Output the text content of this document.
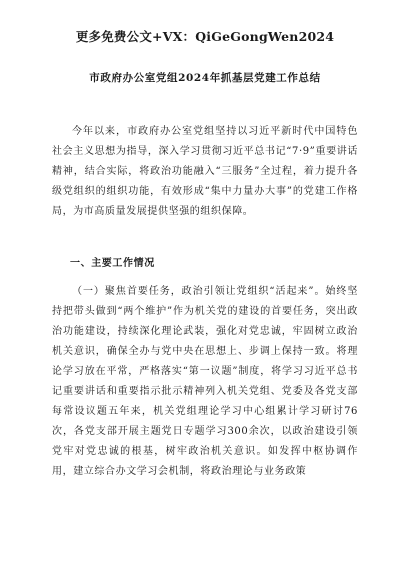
更多免费公文+VX：QiGeGongWen2024
市政府办公室党组2024年抓基层党建工作总结

今年以来，市政府办公室党组坚持以习近平新时代中国特色社会主义思想为指导，深入学习贯彻习近平总书记“7·9”重要讲话精神，结合实际，将政治功能融入“三服务”全过程，着力提升各级党组织的组织功能，有效形成“集中力量办大事”的党建工作格局，为市高质量发展提供坚强的组织保障。

一、主要工作情况

（一）聚焦首要任务，政治引领让党组织“活起来”。始终坚持把带头做到“两个维护”作为机关党的建设的首要任务，突出政治功能建设，持续深化理论武装，强化对党忠诚，牢固树立政治机关意识，确保全办与党中央在思想上、步调上保持一致。将理论学习放在平常，严格落实“第一议题”制度，将学习习近平总书记重要讲话和重要指示批示精神列入机关党组、党委及各党支部每常设议题五年来，机关党组理论学习中心组累计学习研讨76次，各党支部开展主题党日专题学习300余次，以政治建设引领党牢对党忠诚的根基，树牢政治机关意识。如发挥中枢协调作用，建立综合办文学习会机制，将政治理论与业务政策
